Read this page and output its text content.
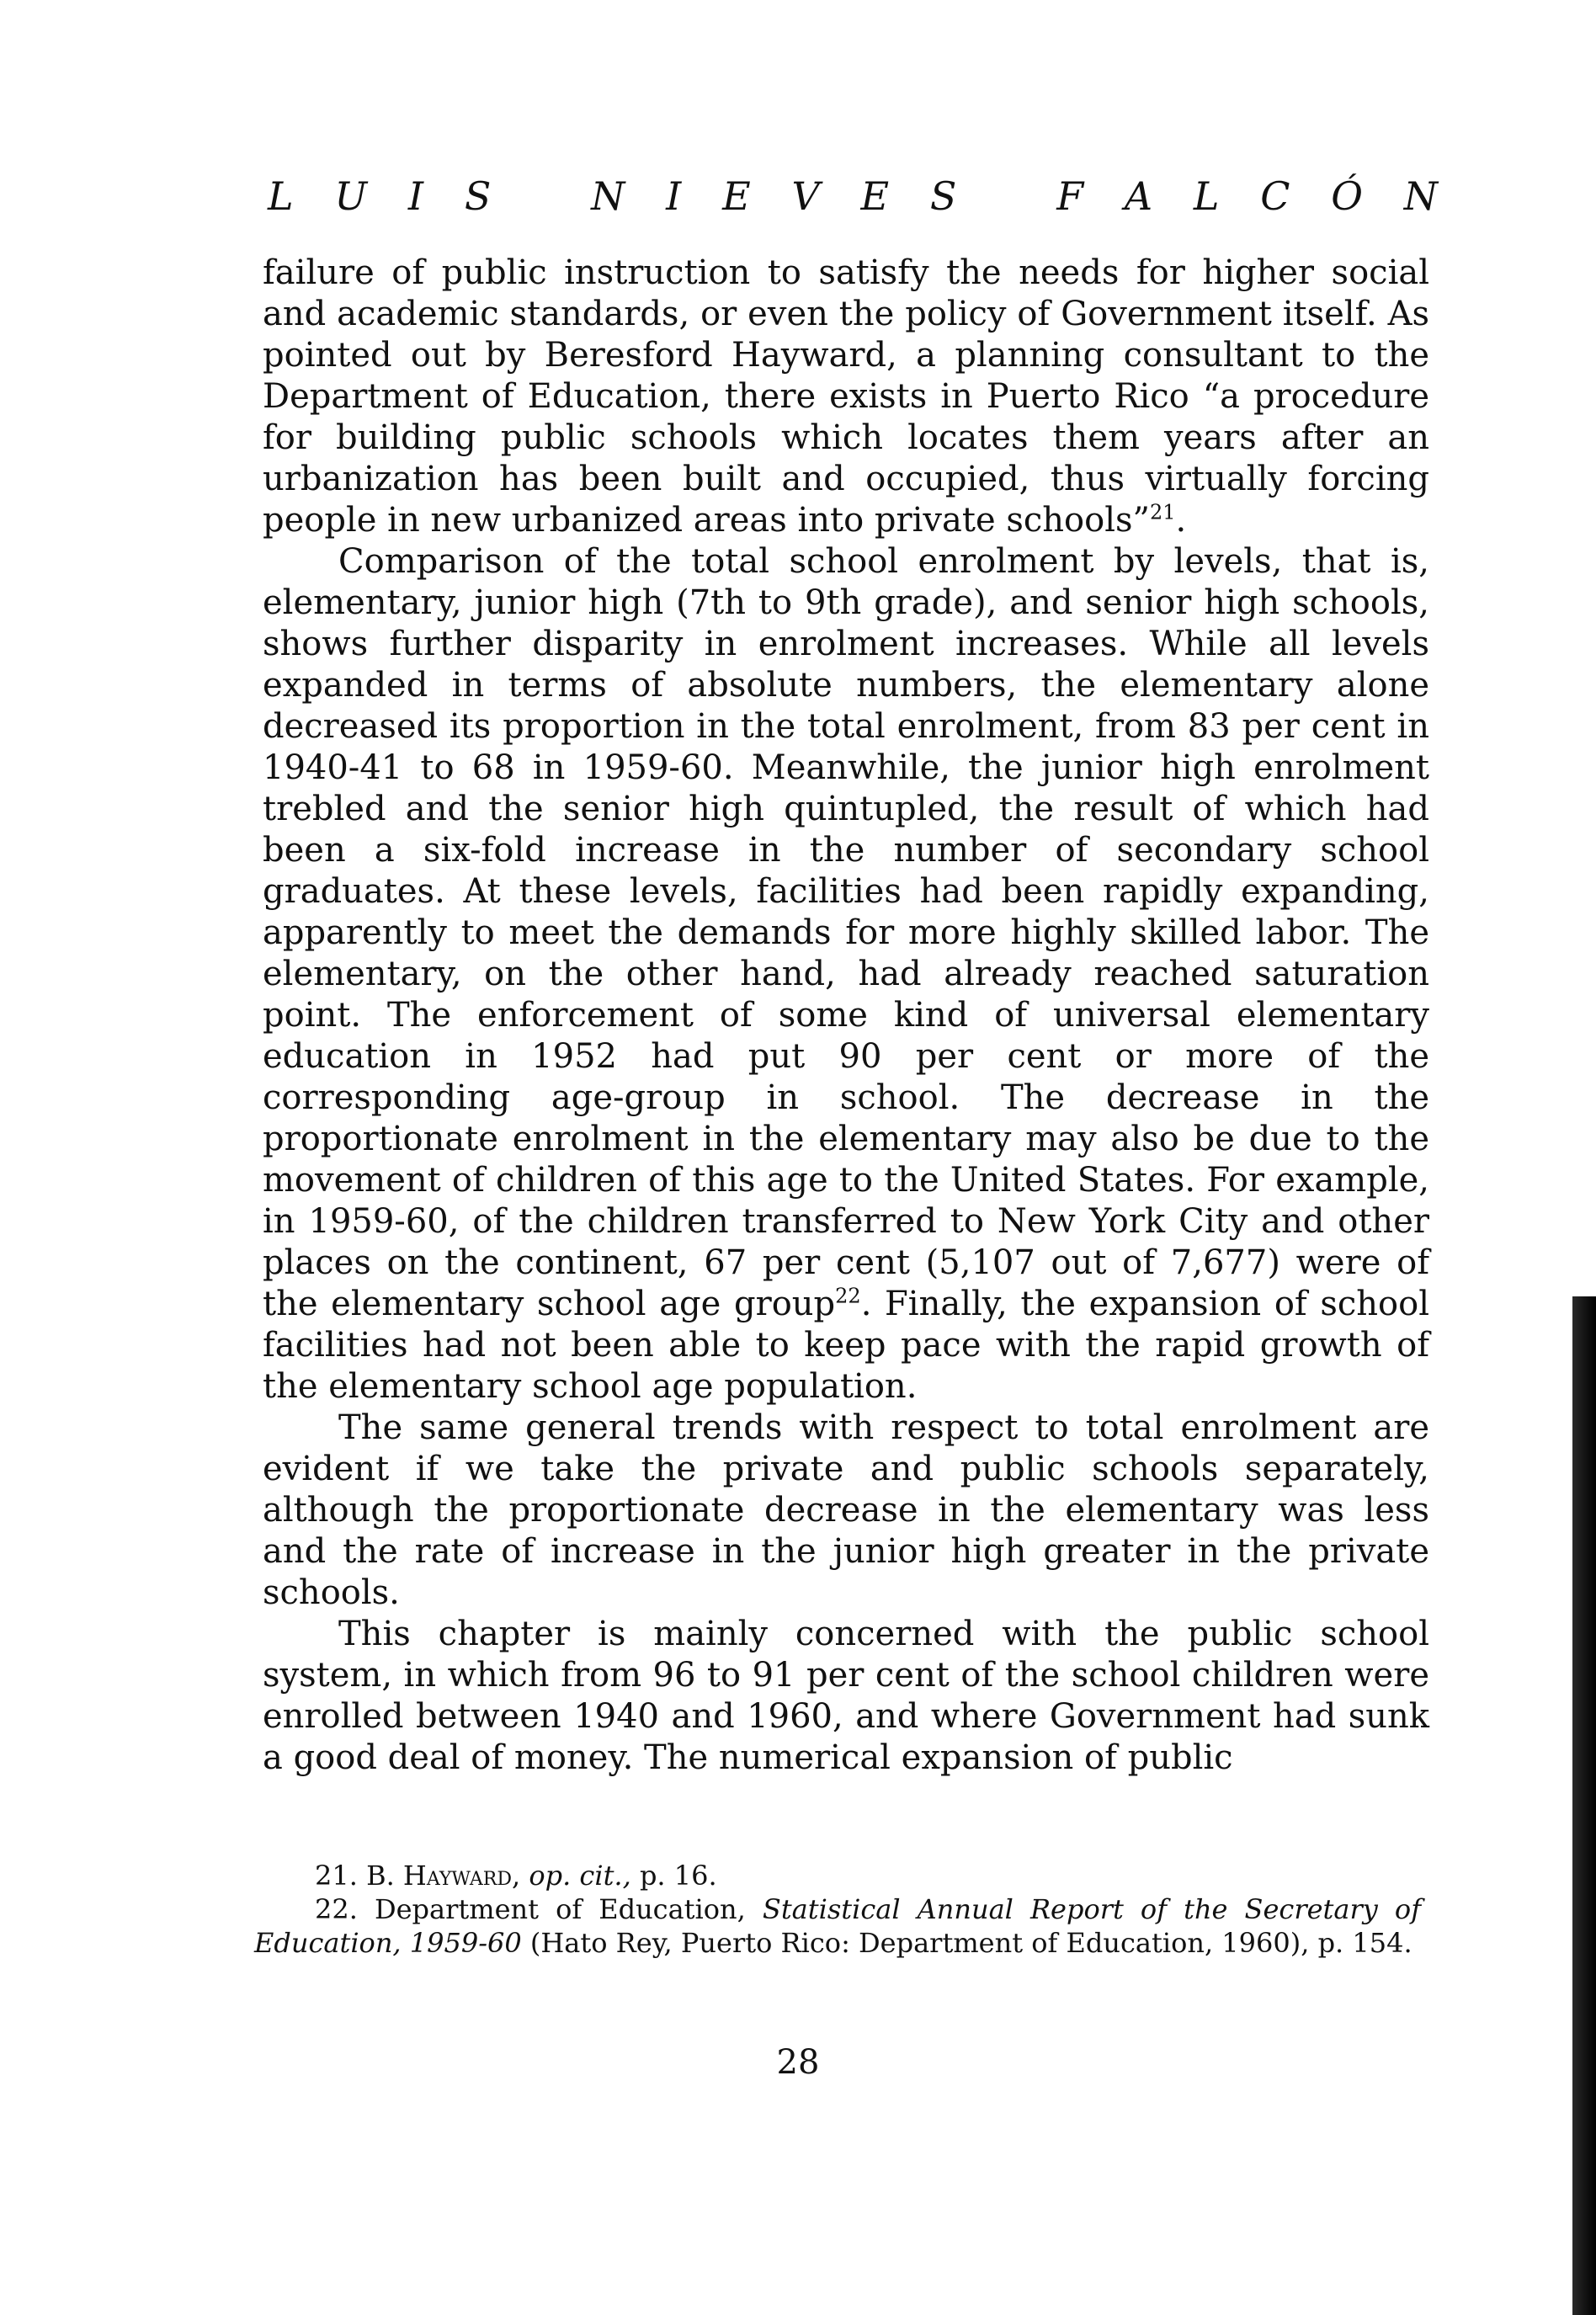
L U I S	N I E V E S	F A L C Ó N

failure of public instruction to satisfy the needs for higher social and academic standards, or even the policy of Government itself. As pointed out by Beresford Hayward, a planning consultant to the Department of Education, there exists in Puerto Rico “a procedure for building public schools which locates them years after an urbanization has been built and occupied, thus virtually forcing people in new urbanized areas into private schools”$^{21}$.

Comparison of the total school enrolment by levels, that is, elementary, junior high (7th to 9th grade), and senior high schools, shows further disparity in enrolment increases. While all levels expanded in terms of absolute numbers, the elementary alone decreased its proportion in the total enrolment, from 83 per cent in 1940-41 to 68 in 1959-60. Meanwhile, the junior high enrolment trebled and the senior high quintupled, the result of which had been a six-fold increase in the number of secondary school graduates. At these levels, facilities had been rapidly expanding, apparently to meet the demands for more highly skilled labor. The elementary, on the other hand, had already reached saturation point. The enforcement of some kind of universal elementary education in 1952 had put 90 per cent or more of the corresponding age-group in school. The decrease in the proportionate enrolment in the elementary may also be due to the movement of children of this age to the United States. For example, in 1959-60, of the children transferred to New York City and other places on the continent, 67 per cent (5,107 out of 7,677) were of the elementary school age group$^{22}$. Finally, the expansion of school facilities had not been able to keep pace with the rapid growth of the elementary school age population.

The same general trends with respect to total enrolment are evident if we take the private and public schools separately, although the proportionate decrease in the elementary was less and the rate of increase in the junior high greater in the private schools.

This chapter is mainly concerned with the public school system, in which from 96 to 91 per cent of the school children were enrolled between 1940 and 1960, and where Government had sunk a good deal of money. The numerical expansion of public

21. B. Hayward, op. cit., p. 16.

22. Department of Education, Statistical Annual Report of the Secretary of Education, 1959-60 (Hato Rey, Puerto Rico: Department of Education, 1960), p. 154.

28
